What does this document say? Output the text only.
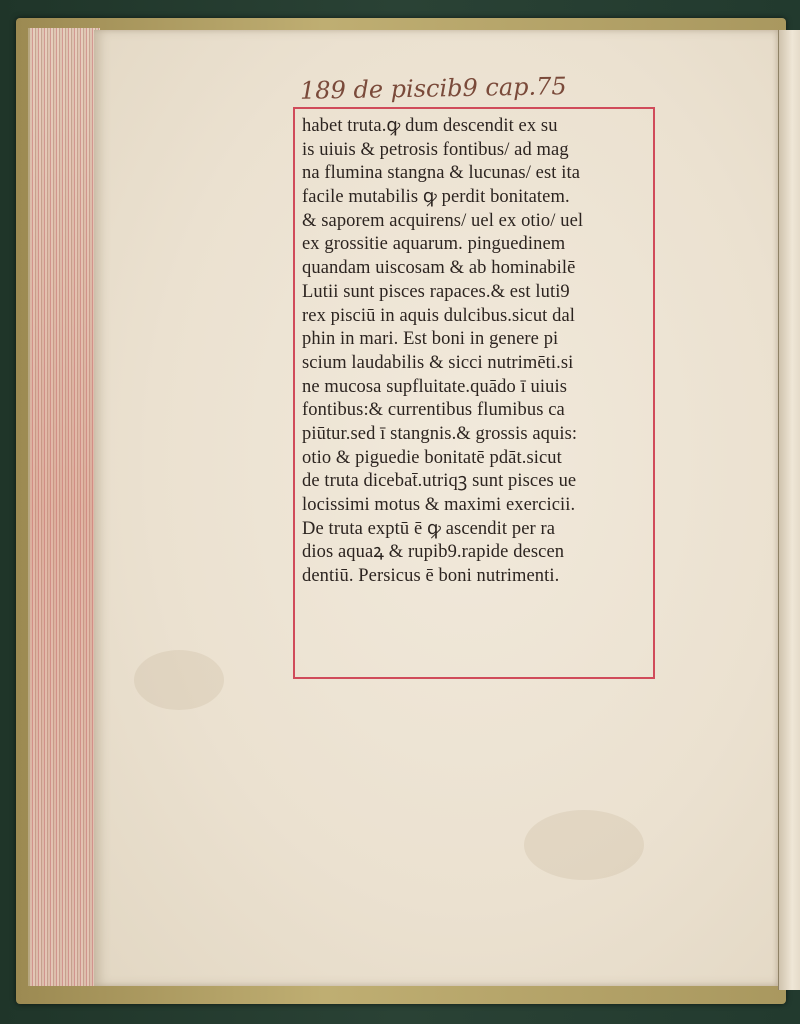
189 de piscib9 cap.75
habet truta.ꝙ dum descendit ex su
is uiuis & petrosis fontibus/ ad mag
na flumina stangna & lucunas/ est ita
facile mutabilis ꝙ perdit bonitatem.
& saporem acquirens/ uel ex otio/ uel
ex grossitie aquarum. pinguedinem
quandam uiscosam & ab hominabilē
Lutii sunt pisces rapaces.& est luti9
rex pisciū in aquis dulcibus.sicut dal
phin in mari. Est boni in genere pi
scium laudabilis & sicci nutrimēti.si
ne mucosa supfluitate.quādo ī uiuis
fontibus:& currentibus flumibus ca
piūtur.sed ī stangnis.& grossis aquis:
otio & piguedie bonitatē pdāt.sicut
de truta dicebat̄.utriqꝫ sunt pisces ue
locissimi motus & maximi exercicii.
De truta exptū ē ꝙ ascendit per ra
dios aquaꝝ & rupib9.rapide descen
dentiū. Persicus ē boni nutrimenti.
